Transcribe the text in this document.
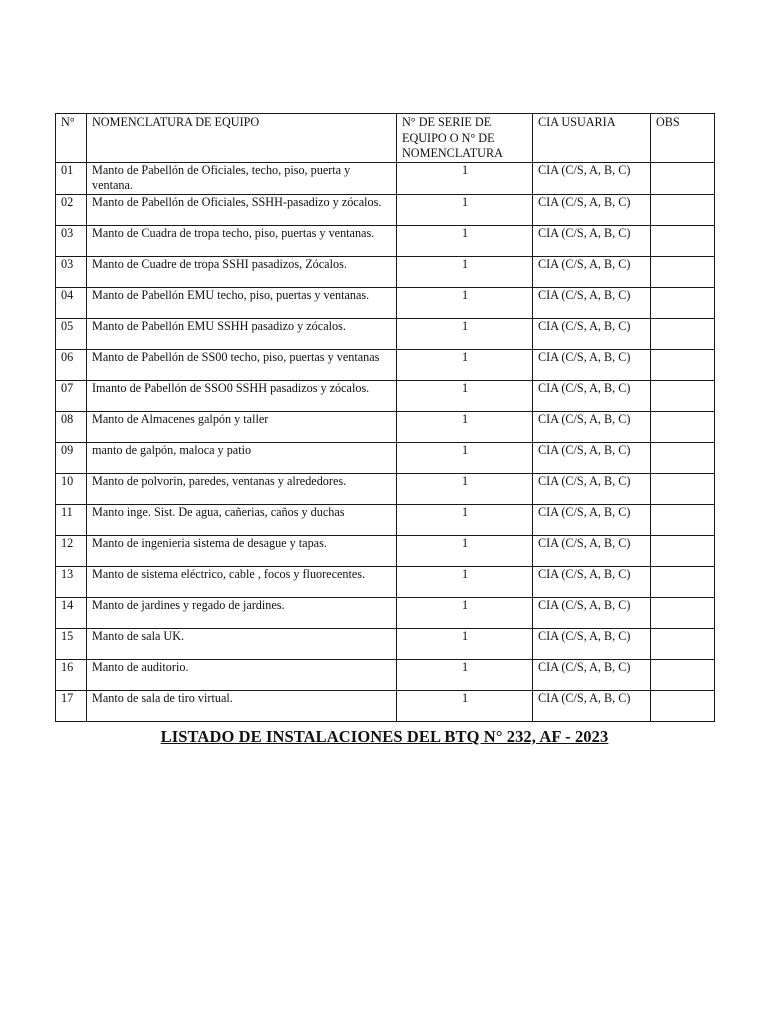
N°	NOMENCLATURA DE EQUIPO	N° DE SERIE DE EQUIPO O N° DE NOMENCLATURA	CIA USUARIA	OBS
01	Manto de Pabellón de Oficiales, techo, piso, puerta y ventana.	1	CIA (C/S, A, B, C)	
02	Manto de Pabellón de Oficiales, SSHH-pasadizo y zócalos.	1	CIA (C/S, A, B, C)	
03	Manto de Cuadra de tropa techo, piso, puertas y ventanas.	1	CIA (C/S, A, B, C)	
03	Manto de Cuadre de tropa SSHI pasadizos, Zócalos.	1	CIA (C/S, A, B, C)	
04	Manto de Pabellón EMU techo, piso, puertas y ventanas.	1	CIA (C/S, A, B, C)	
05	Manto de Pabellón EMU SSHH pasadizo y zócalos.	1	CIA (C/S, A, B, C)	
06	Manto de Pabellón de SS00 techo, piso, puertas y ventanas	1	CIA (C/S, A, B, C)	
07	Imanto de Pabellón de SSO0 SSHH pasadizos y zócalos.	1	CIA (C/S, A, B, C)	
08	Manto de Almacenes galpón y taller	1	CIA (C/S, A, B, C)	
09	manto de galpón, maloca y patio	1	CIA (C/S, A, B, C)	
10	Manto de polvorin, paredes, ventanas y alrededores.	1	CIA (C/S, A, B, C)	
11	Manto inge. Sist. De agua, cañerias, caños y duchas	1	CIA (C/S, A, B, C)	
12	Manto de ingenieria sistema de desague y tapas.	1	CIA (C/S, A, B, C)	
13	Manto de sistema eléctrico, cable , focos y fluorecentes.	1	CIA (C/S, A, B, C)	
14	Manto de jardines y regado de jardines.	1	CIA (C/S, A, B, C)	
15	Manto de sala UK.	1	CIA (C/S, A, B, C)	
16	Manto de auditorio.	1	CIA (C/S, A, B, C)	
17	Manto de sala de tiro virtual.	1	CIA (C/S, A, B, C)	
LISTADO DE INSTALACIONES DEL BTQ N° 232, AF - 2023
